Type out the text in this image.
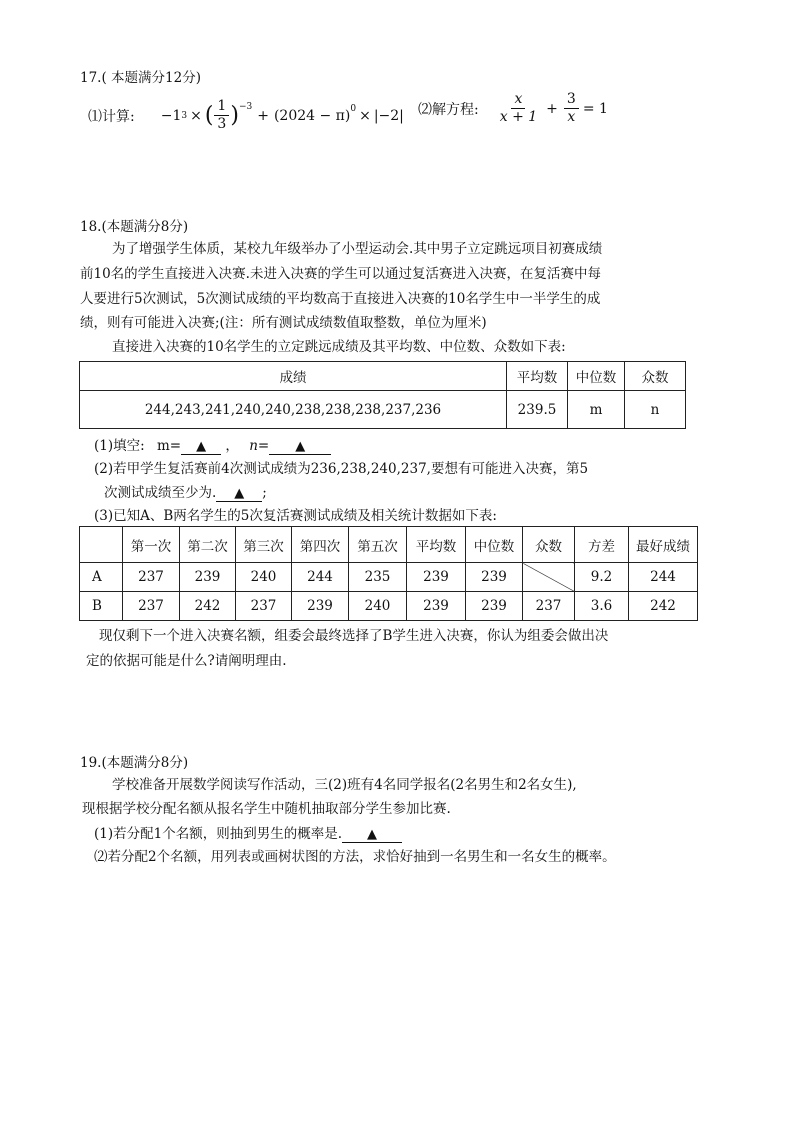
17.( 本题满分12分)
⑴计算: −1 3 × ( $\frac{1}{3} )^{-3}$
+ $(2024 - \pi)^0 \times |-2|$ ⑵解方程: $\frac{x}{x + 1} + \frac{3}{x} = 1$
18.(本题满分8分)
为了增强学生体质，某校九年级举办了小型运动会.其中男子立定跳远项目初赛成绩
前10名的学生直接进入决赛.未进入决赛的学生可以通过复活赛进入决赛，在复活赛中每
人要进行5次测试，5次测试成绩的平均数高于直接进入决赛的10名学生中一半学生的成
绩，则有可能进入决赛;(注：所有测试成绩数值取整数，单位为厘米)
直接进入决赛的10名学生的立定跳远成绩及其平均数、中位数、众数如下表:
成绩	平均数	中位数	众数
244,243,241,240,240,238,238,238,237,236	239.5	m	n
(1)填空: m= ▲ ， n= ▲
(2)若甲学生复活赛前4次测试成绩为236,238,240,237,要想有可能进入决赛，第5
次测试成绩至少为. ▲ ;
(3)已知A、B两名学生的5次复活赛测试成绩及相关统计数据如下表:
	第一次	第二次	第三次	第四次	第五次	平均数	中位数	众数	方差	最好成绩
A	237	239	240	244	235	239	239		9.2	244
B	237	242	237	239	240	239	239	237	3.6	242
现仅剩下一个进入决赛名额，组委会最终选择了B学生进入决赛，你认为组委会做出决
定的依据可能是什么?请阐明理由.
19.(本题满分8分)
学校准备开展数学阅读写作活动，三(2)班有4名同学报名(2名男生和2名女生),
现根据学校分配名额从报名学生中随机抽取部分学生参加比赛.
(1)若分配1个名额，则抽到男生的概率是. ▲
⑵若分配2个名额，用列表或画树状图的方法，求恰好抽到一名男生和一名女生的概率。
